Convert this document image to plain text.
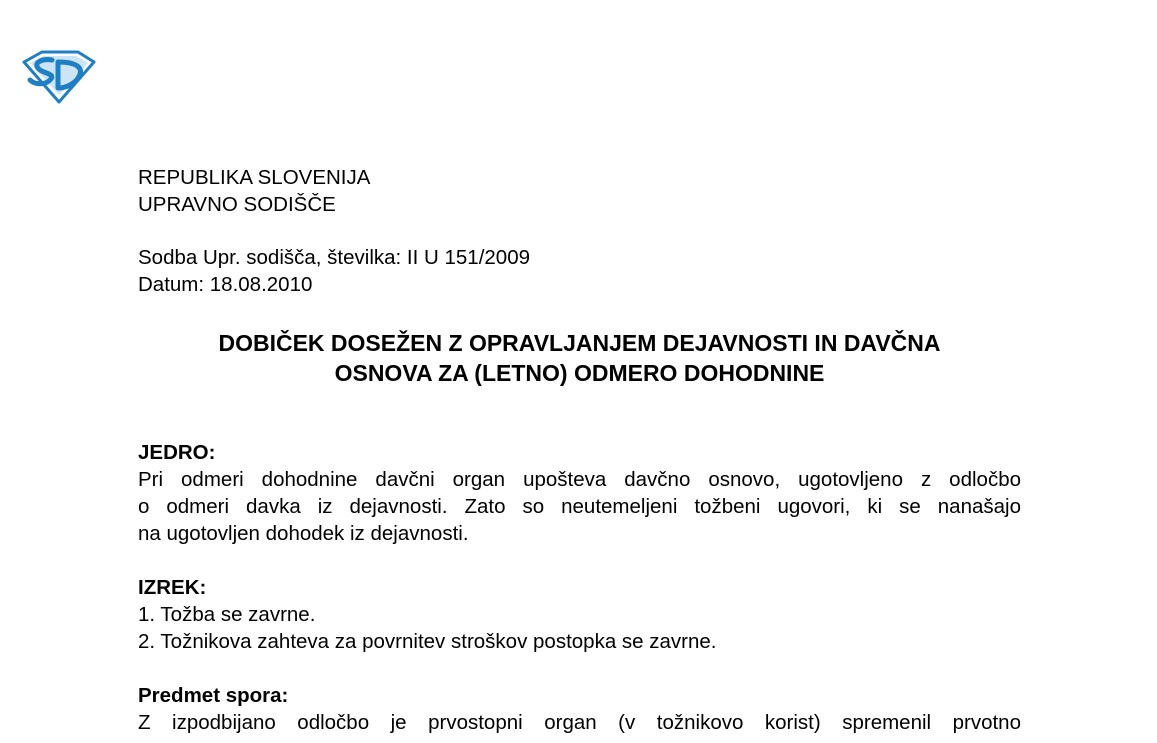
REPUBLIKA SLOVENIJA
UPRAVNO SODIŠČE
Sodba Upr. sodišča, številka: II U 151/2009
Datum: 18.08.2010
DOBIČEK DOSEŽEN Z OPRAVLJANJEM DEJAVNOSTI IN DAVČNA
OSNOVA ZA (LETNO) ODMERO DOHODNINE
JEDRO:
Pri odmeri dohodnine davčni organ upošteva davčno osnovo, ugotovljeno z odločbo
o odmeri davka iz dejavnosti. Zato so neutemeljeni tožbeni ugovori, ki se nanašajo
na ugotovljen dohodek iz dejavnosti.
IZREK:
1. Tožba se zavrne.
2. Tožnikova zahteva za povrnitev stroškov postopka se zavrne.
Predmet spora:
Z izpodbijano odločbo je prvostopni organ (v tožnikovo korist) spremenil prvotno
